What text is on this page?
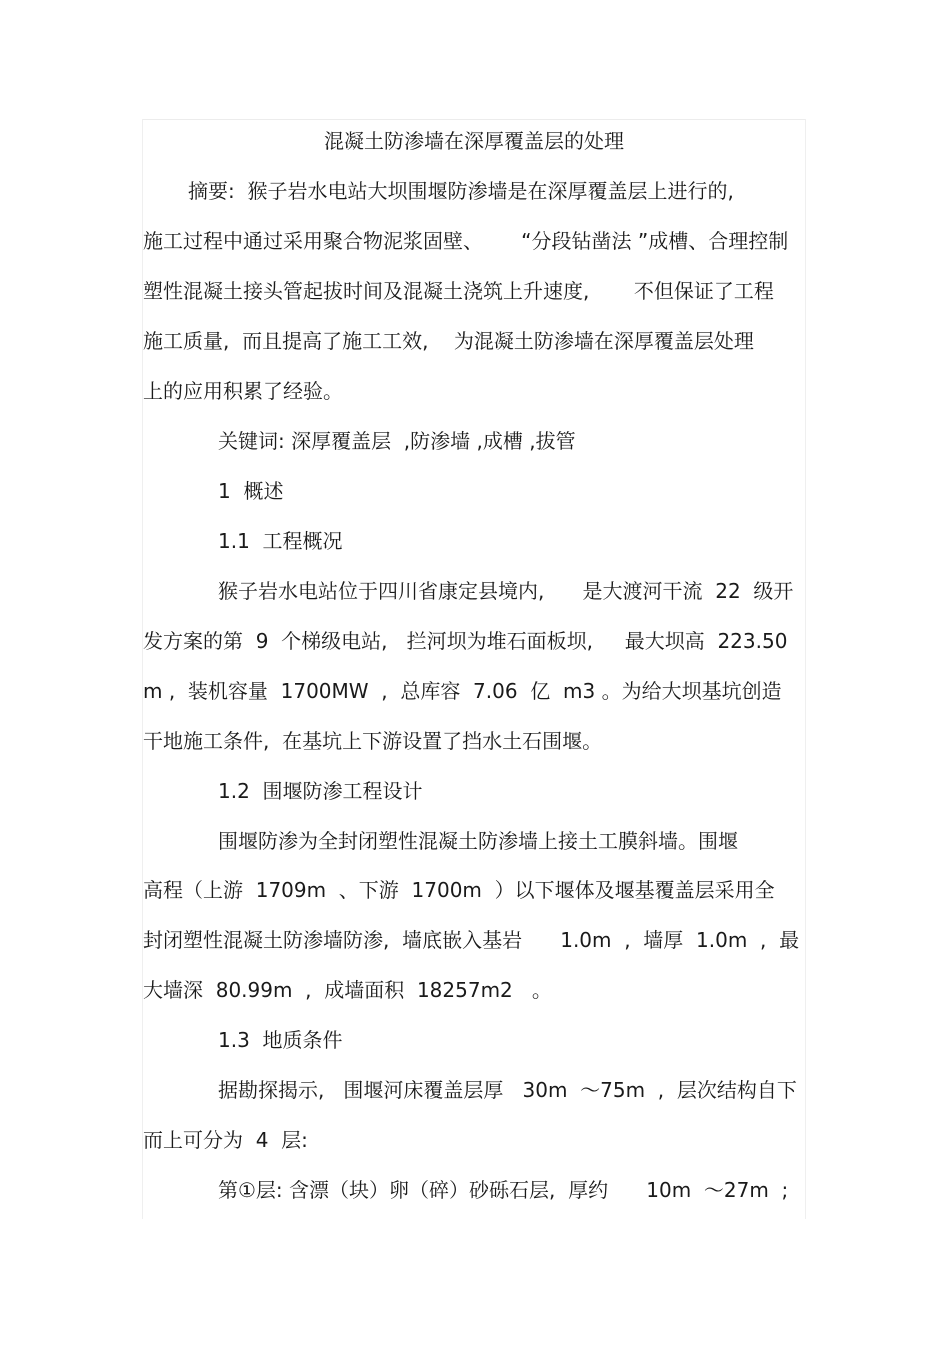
混凝土防渗墙在深厚覆盖层的处理
摘要:  猴子岩水电站大坝围堰防渗墙是在深厚覆盖层上进行的,
施工过程中通过采用聚合物泥浆固壁、      “分段钻凿法 ”成槽、合理控制
塑性混凝土接头管起拔时间及混凝土浇筑上升速度,       不但保证了工程
施工质量,  而且提高了施工工效,    为混凝土防渗墙在深厚覆盖层处理
上的应用积累了经验。
关键词: 深厚覆盖层  ,防渗墙 ,成槽 ,拔管
1  概述
1.1  工程概况
猴子岩水电站位于四川省康定县境内,      是大渡河干流  22  级开
发方案的第  9  个梯级电站,   拦河坝为堆石面板坝,     最大坝高  223.50
m ,  装机容量  1700MW  ,  总库容  7.06  亿  m3 。为给大坝基坑创造
干地施工条件,  在基坑上下游设置了挡水土石围堰。
1.2  围堰防渗工程设计
围堰防渗为全封闭塑性混凝土防渗墙上接土工膜斜墙。围堰
高程（上游  1709m  、下游  1700m  ）以下堰体及堰基覆盖层采用全
封闭塑性混凝土防渗墙防渗,  墙底嵌入基岩      1.0m  ,  墙厚  1.0m  ,  最
大墙深  80.99m  ,  成墙面积  18257m2   。
1.3  地质条件
据勘探揭示,   围堰河床覆盖层厚   30m  ～75m  ,  层次结构自下
而上可分为  4  层:
第①层: 含漂（块）卵（碎）砂砾石层,  厚约      10m  ～27m  ;
